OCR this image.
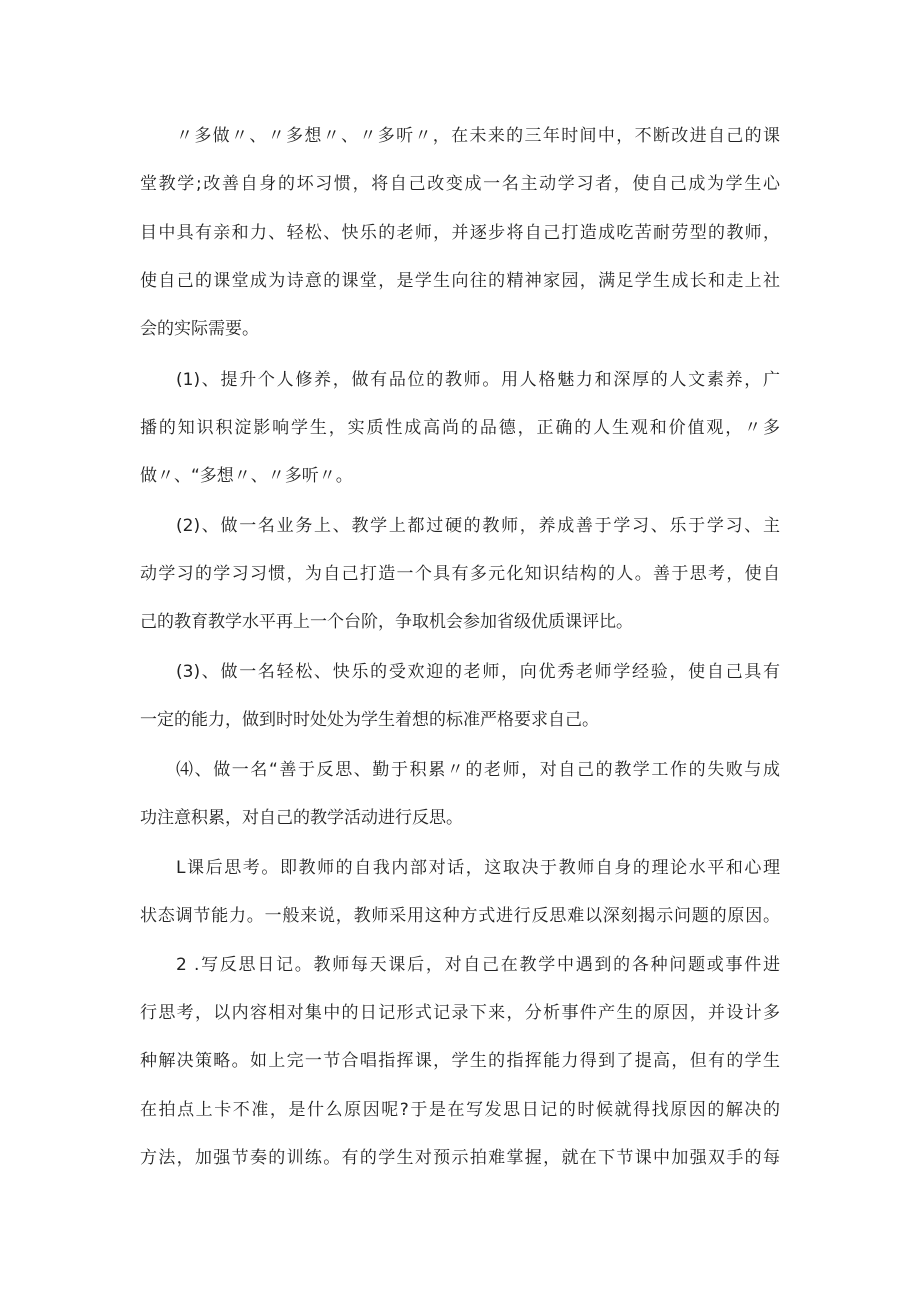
〃多做〃、〃多想〃、〃多听〃，在未来的三年时间中，不断改进自己的课
堂教学;改善自身的坏习惯，将自己改变成一名主动学习者，使自己成为学生心
目中具有亲和力、轻松、快乐的老师，并逐步将自己打造成吃苦耐劳型的教师，
使自己的课堂成为诗意的课堂，是学生向往的精神家园，满足学生成长和走上社
会的实际需要。
(1)、提升个人修养，做有品位的教师。用人格魅力和深厚的人文素养，广
播的知识积淀影响学生，实质性成高尚的品德，正确的人生观和价值观，〃多
做〃、“多想〃、〃多听〃。
(2)、做一名业务上、教学上都过硬的教师，养成善于学习、乐于学习、主
动学习的学习习惯，为自己打造一个具有多元化知识结构的人。善于思考，使自
己的教育教学水平再上一个台阶，争取机会参加省级优质课评比。
(3)、做一名轻松、快乐的受欢迎的老师，向优秀老师学经验，使自己具有
一定的能力，做到时时处处为学生着想的标准严格要求自己。
⑷、做一名“善于反思、勤于积累〃的老师，对自己的教学工作的失败与成
功注意积累，对自己的教学活动进行反思。
L课后思考。即教师的自我内部对话，这取决于教师自身的理论水平和心理
状态调节能力。一般来说，教师采用这种方式进行反思难以深刻揭示问题的原因。
2 .写反思日记。教师每天课后，对自己在教学中遇到的各种问题或事件进
行思考，以内容相对集中的日记形式记录下来，分析事件产生的原因，并设计多
种解决策略。如上完一节合唱指挥课，学生的指挥能力得到了提高，但有的学生
在拍点上卡不准，是什么原因呢?于是在写发思日记的时候就得找原因的解决的
方法，加强节奏的训练。有的学生对预示拍难掌握，就在下节课中加强双手的每
